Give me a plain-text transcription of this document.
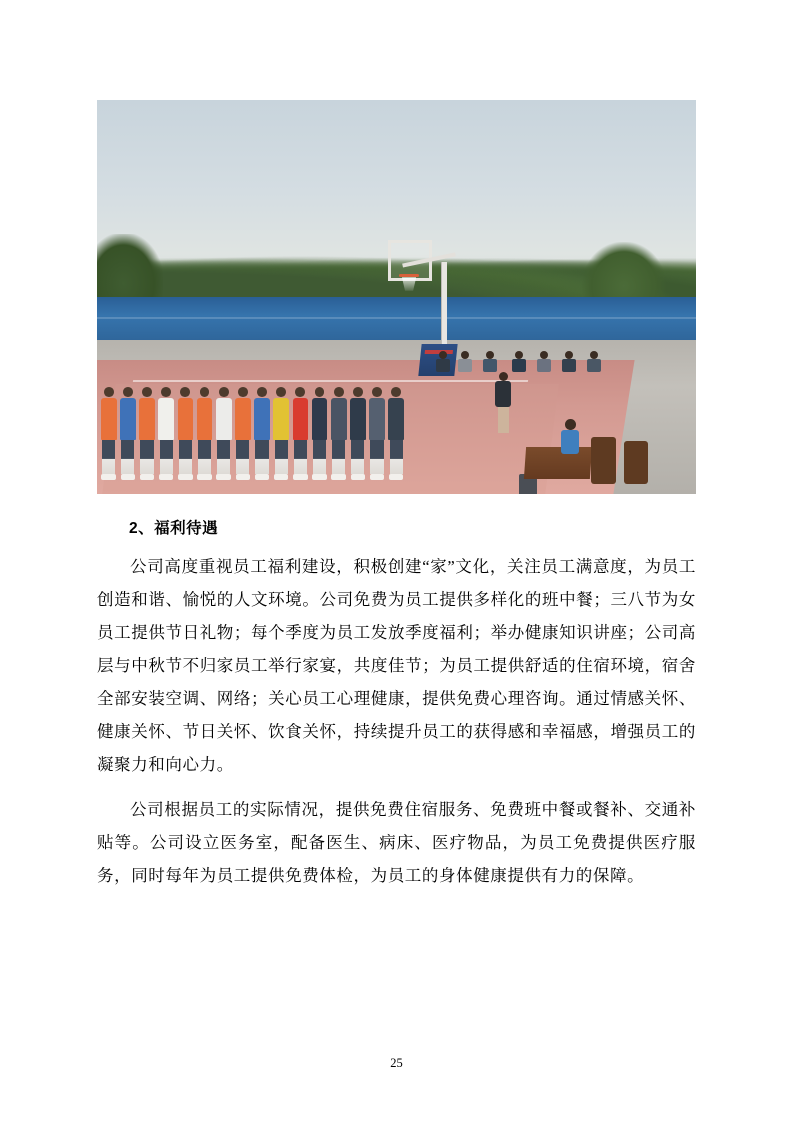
2、福利待遇

公司高度重视员工福利建设，积极创建“家”文化，关注员工满意度，为员工创造和谐、愉悦的人文环境。公司免费为员工提供多样化的班中餐；三八节为女员工提供节日礼物；每个季度为员工发放季度福利；举办健康知识讲座；公司高层与中秋节不归家员工举行家宴，共度佳节；为员工提供舒适的住宿环境，宿舍全部安装空调、网络；关心员工心理健康，提供免费心理咨询。通过情感关怀、健康关怀、节日关怀、饮食关怀，持续提升员工的获得感和幸福感，增强员工的凝聚力和向心力。

公司根据员工的实际情况，提供免费住宿服务、免费班中餐或餐补、交通补贴等。公司设立医务室，配备医生、病床、医疗物品，为员工免费提供医疗服务，同时每年为员工提供免费体检，为员工的身体健康提供有力的保障。

25
